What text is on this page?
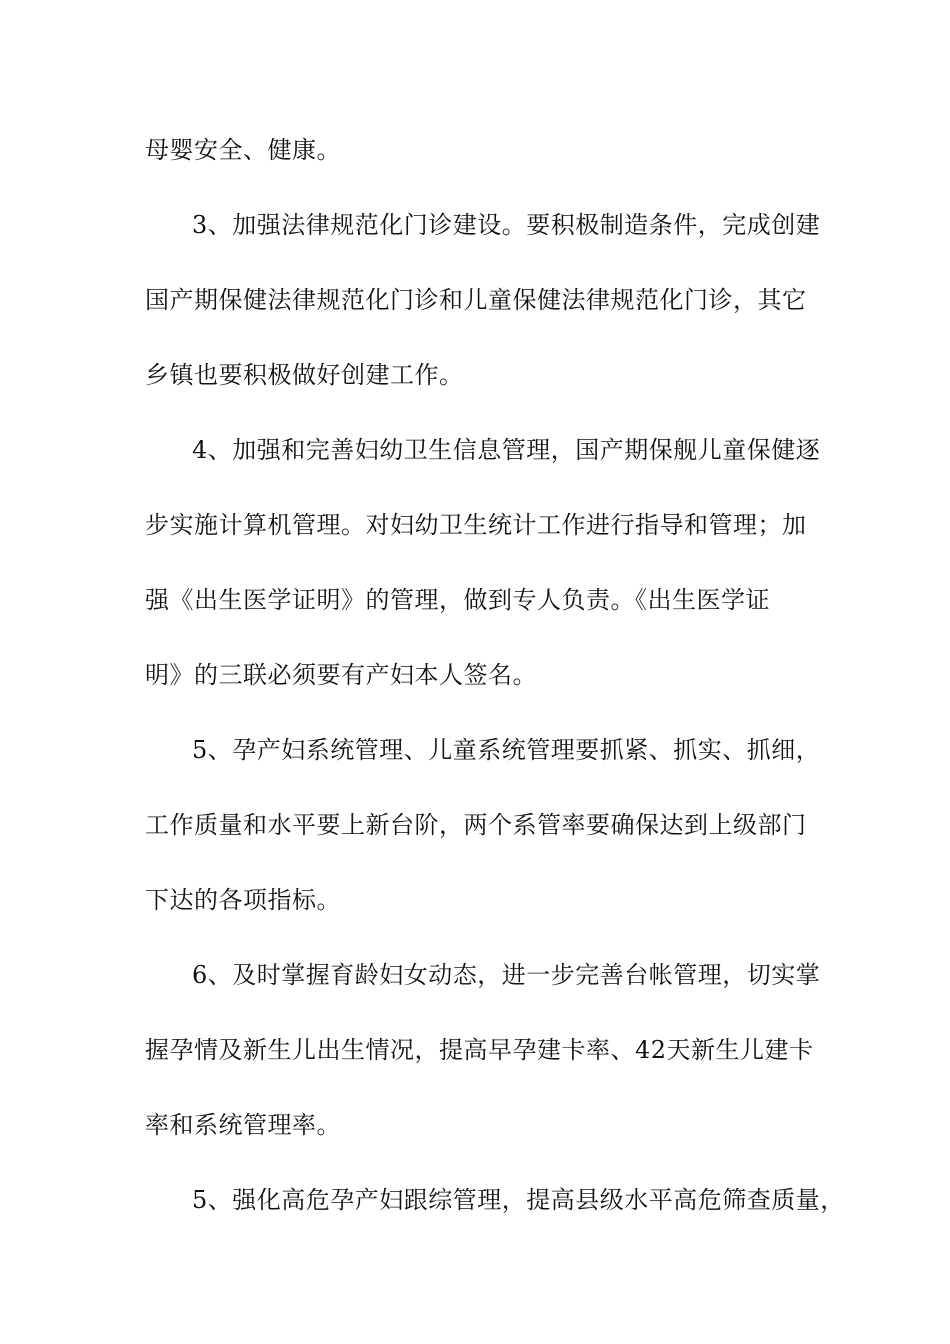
母婴安全、健康。
3、加强法律规范化门诊建设。要积极制造条件，完成创建
国产期保健法律规范化门诊和儿童保健法律规范化门诊，其它
乡镇也要积极做好创建工作。
4、加强和完善妇幼卫生信息管理，国产期保舰儿童保健逐
步实施计算机管理。对妇幼卫生统计工作进行指导和管理；加
强《出生医学证明》的管理，做到专人负责。《出生医学证
明》的三联必须要有产妇本人签名。
5、孕产妇系统管理、儿童系统管理要抓紧、抓实、抓细，
工作质量和水平要上新台阶，两个系管率要确保达到上级部门
下达的各项指标。
6、及时掌握育龄妇女动态，进一步完善台帐管理，切实掌
握孕情及新生儿出生情况，提高早孕建卡率、42天新生儿建卡
率和系统管理率。
5、强化高危孕产妇跟综管理，提高县级水平高危筛查质量，
